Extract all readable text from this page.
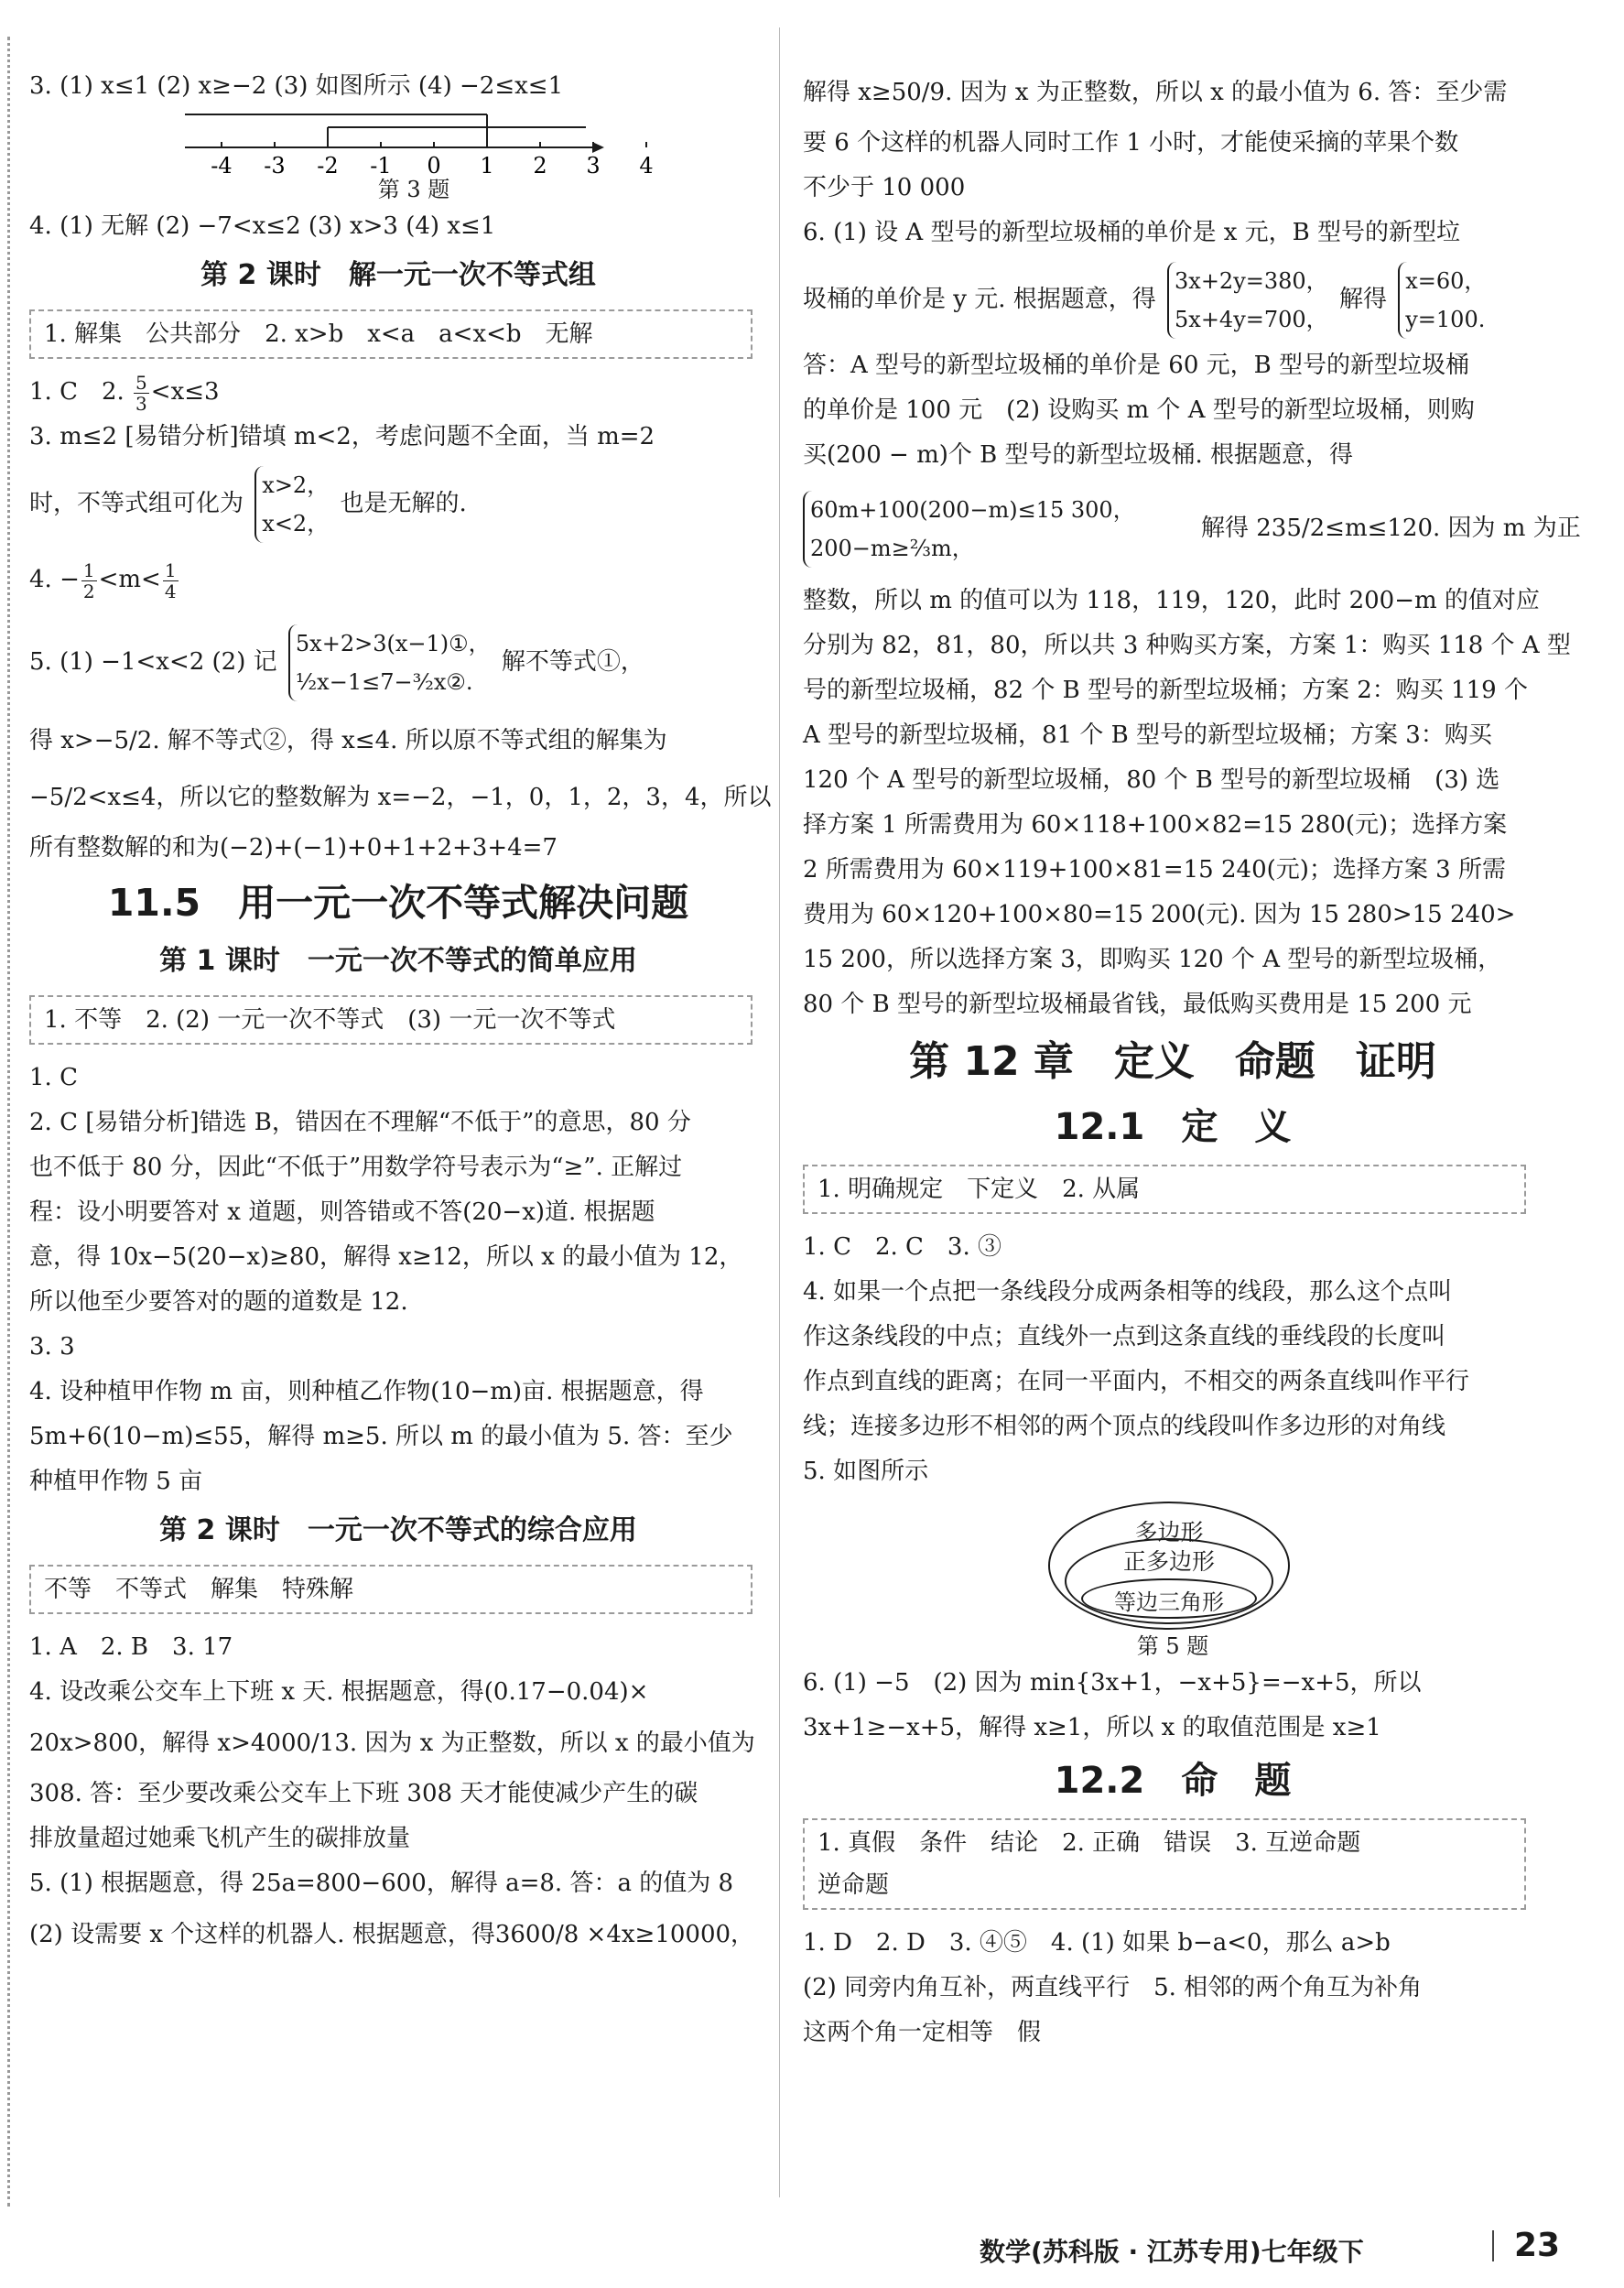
3. (1) x≤1 (2) x≥−2 (3) 如图所示 (4) −2≤x≤1
-4 -3 -2 -1 0 1 2 3 4
第 3 题
4. (1) 无解 (2) −7<x≤2 (3) x>3 (4) x≤1
第 2 课时　解一元一次不等式组
1. 解集　公共部分　2. x>b　x<a　a<x<b　无解
1. C　2. $\frac{5}{3} <x\le 3$
3. m≤2 [易错分析]错填 m<2，考虑问题不全面，当 m=2
时，不等式组可化为
x>2，
x<2，
也是无解的.
4. − $\frac{1}{2} <m< \frac{1}{4}$
5. (1) −1<x<2 (2) 记
5x+2>3(x−1)①，
½x−1≤7−³⁄₂x②.
解不等式①，
得 x>−5/2. 解不等式②，得 x≤4. 所以原不等式组的解集为
−5/2<x≤4，所以它的整数解为 x=−2，−1，0，1，2，3，4，所以
所有整数解的和为(−2)+(−1)+0+1+2+3+4=7
11.5　用一元一次不等式解决问题
第 1 课时　一元一次不等式的简单应用
1. 不等　2. (2) 一元一次不等式　(3) 一元一次不等式
1. C
2. C [易错分析]错选 B，错因在不理解“不低于”的意思，80 分
也不低于 80 分，因此“不低于”用数学符号表示为“≥”. 正解过
程：设小明要答对 x 道题，则答错或不答(20−x)道. 根据题
意，得 10x−5(20−x)≥80，解得 x≥12，所以 x 的最小值为 12，
所以他至少要答对的题的道数是 12.
3. 3
4. 设种植甲作物 m 亩，则种植乙作物(10−m)亩. 根据题意，得
5m+6(10−m)≤55，解得 m≥5. 所以 m 的最小值为 5. 答：至少
种植甲作物 5 亩
第 2 课时　一元一次不等式的综合应用
不等　不等式　解集　特殊解
1. A　2. B　3. 17
4. 设改乘公交车上下班 x 天. 根据题意，得(0.17−0.04)×
20x>800，解得 x>4000/13. 因为 x 为正整数，所以 x 的最小值为
308. 答：至少要改乘公交车上下班 308 天才能使减少产生的碳
排放量超过她乘飞机产生的碳排放量
5. (1) 根据题意，得 25a=800−600，解得 a=8. 答：a 的值为 8
(2) 设需要 x 个这样的机器人. 根据题意，得3600/8 ×4x≥10000，
解得 x≥50/9. 因为 x 为正整数，所以 x 的最小值为 6. 答：至少需
要 6 个这样的机器人同时工作 1 小时，才能使采摘的苹果个数
不少于 10 000
6. (1) 设 A 型号的新型垃圾桶的单价是 x 元，B 型号的新型垃
圾桶的单价是 y 元. 根据题意，得
3x+2y=380，
5x+4y=700，
解得
x=60，
y=100.
答：A 型号的新型垃圾桶的单价是 60 元，B 型号的新型垃圾桶
的单价是 100 元　(2) 设购买 m 个 A 型号的新型垃圾桶，则购
买(200 − m)个 B 型号的新型垃圾桶. 根据题意，得
60m+100(200−m)≤15 300，
200−m≥⅔m，
解得 235/2≤m≤120. 因为 m 为正
整数，所以 m 的值可以为 118，119，120，此时 200−m 的值对应
分别为 82，81，80，所以共 3 种购买方案，方案 1：购买 118 个 A 型
号的新型垃圾桶，82 个 B 型号的新型垃圾桶；方案 2：购买 119 个
A 型号的新型垃圾桶，81 个 B 型号的新型垃圾桶；方案 3：购买
120 个 A 型号的新型垃圾桶，80 个 B 型号的新型垃圾桶　(3) 选
择方案 1 所需费用为 60×118+100×82=15 280(元)；选择方案
2 所需费用为 60×119+100×81=15 240(元)；选择方案 3 所需
费用为 60×120+100×80=15 200(元). 因为 15 280>15 240>
15 200，所以选择方案 3，即购买 120 个 A 型号的新型垃圾桶，
80 个 B 型号的新型垃圾桶最省钱，最低购买费用是 15 200 元
第 12 章　定义　命题　证明
12.1　定　义
1. 明确规定　下定义　2. 从属
1. C　2. C　3. ③
4. 如果一个点把一条线段分成两条相等的线段，那么这个点叫
作这条线段的中点；直线外一点到这条直线的垂线段的长度叫
作点到直线的距离；在同一平面内，不相交的两条直线叫作平行
线；连接多边形不相邻的两个顶点的线段叫作多边形的对角线
5. 如图所示
多边形
正多边形
等边三角形
第 5 题
6. (1) −5　(2) 因为 min{3x+1，−x+5}=−x+5，所以
3x+1≥−x+5，解得 x≥1，所以 x 的取值范围是 x≥1
12.2　命　题
1. 真假　条件　结论　2. 正确　错误　3. 互逆命题
逆命题
1. D　2. D　3. ④⑤　4. (1) 如果 b−a<0，那么 a>b
(2) 同旁内角互补，两直线平行　5. 相邻的两个角互为补角
这两个角一定相等　假
数学(苏科版 · 江苏专用)七年级下	23
